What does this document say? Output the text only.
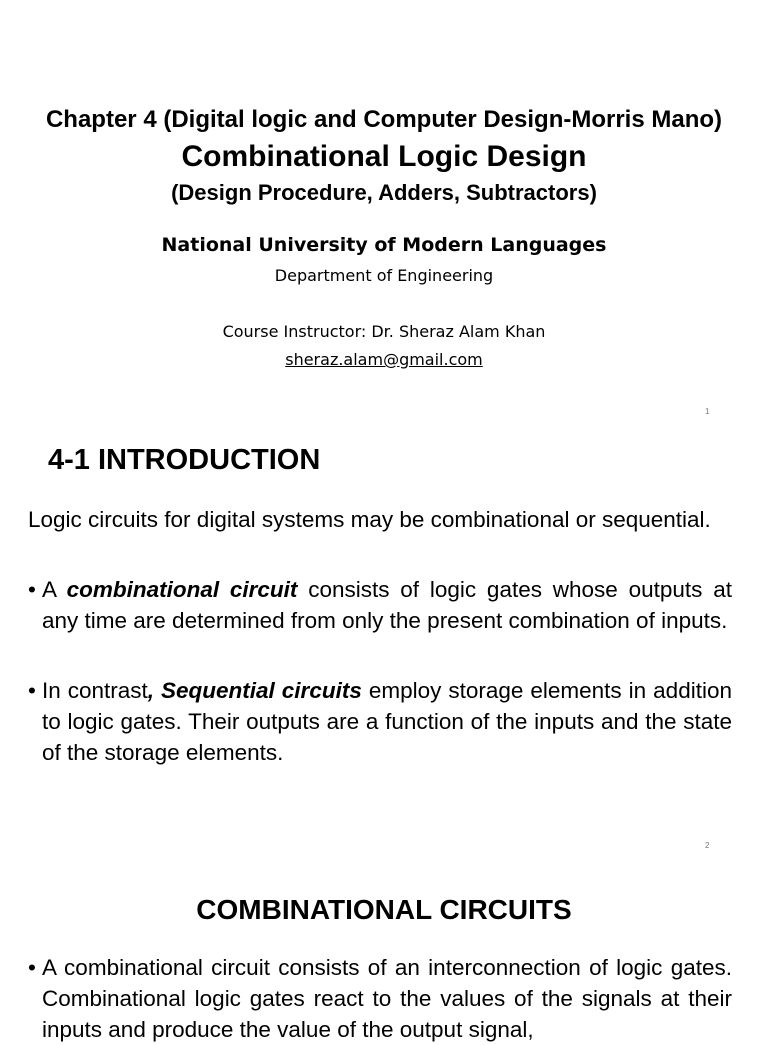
Chapter 4 (Digital logic and Computer Design-Morris Mano)
Combinational Logic Design
(Design Procedure, Adders, Subtractors)
National University of Modern Languages
Department of Engineering
Course Instructor: Dr. Sheraz Alam Khan
sheraz.alam@gmail.com
1
4-1 INTRODUCTION
Logic circuits for digital systems may be combinational or sequential.
• A combinational circuit consists of logic gates whose outputs at any time are determined from only the present combination of inputs.
• In contrast, Sequential circuits employ storage elements in addition to logic gates. Their outputs are a function of the inputs and the state of the storage elements.
2
COMBINATIONAL CIRCUITS
• A combinational circuit consists of an interconnection of logic gates. Combinational logic gates react to the values of the signals at their inputs and produce the value of the output signal,
